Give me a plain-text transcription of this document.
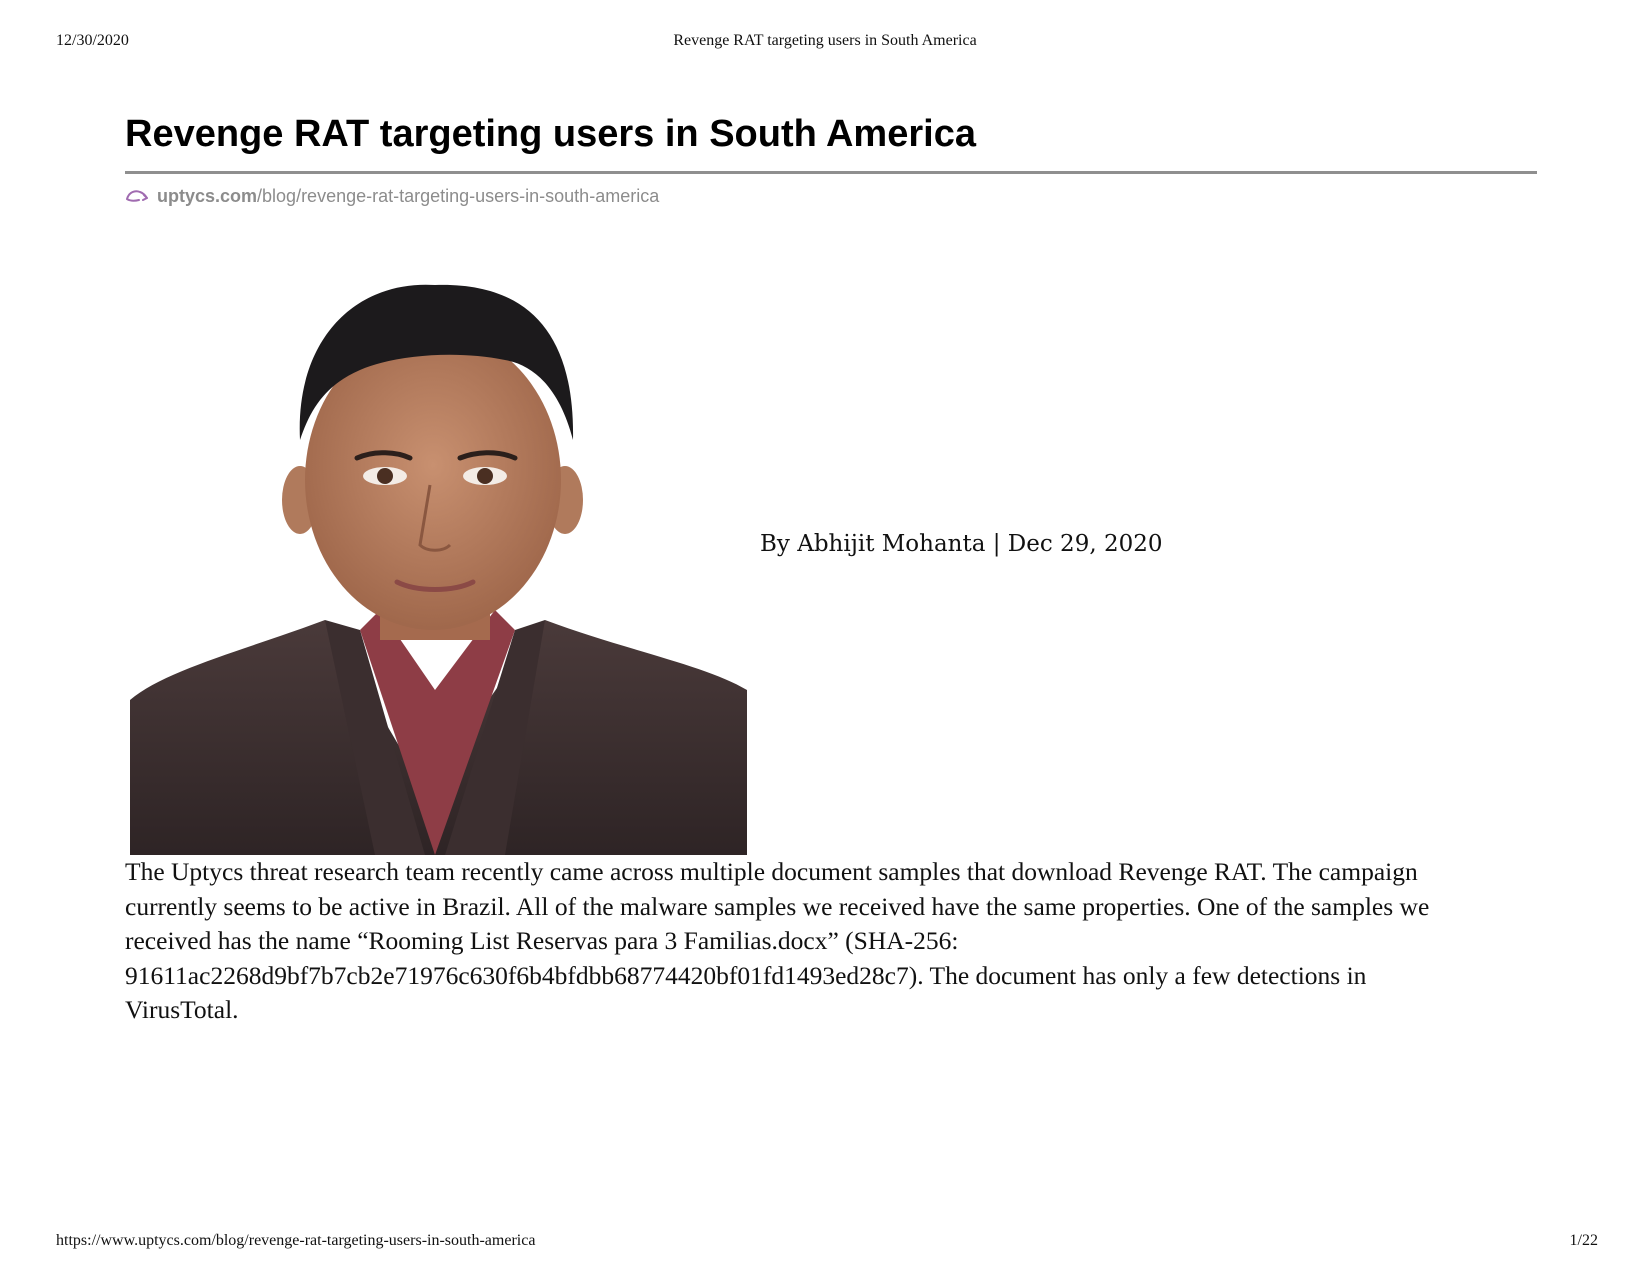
12/30/2020	Revenge RAT targeting users in South America
Revenge RAT targeting users in South America
uptycs.com /blog/revenge-rat-targeting-users-in-south-america
By Abhijit Mohanta | Dec 29, 2020

The Uptycs threat research team recently came across multiple document samples that download Revenge RAT. The campaign
currently seems to be active in Brazil. All of the malware samples we received have the same properties. One of the samples we
received has the name “Rooming List Reservas para 3 Familias.docx” (SHA-256:
91611ac2268d9bf7b7cb2e71976c630f6b4bfdbb68774420bf01fd1493ed28c7). The document has only a few detections in
VirusTotal.

https://www.uptycs.com/blog/revenge-rat-targeting-users-in-south-america	1/22
